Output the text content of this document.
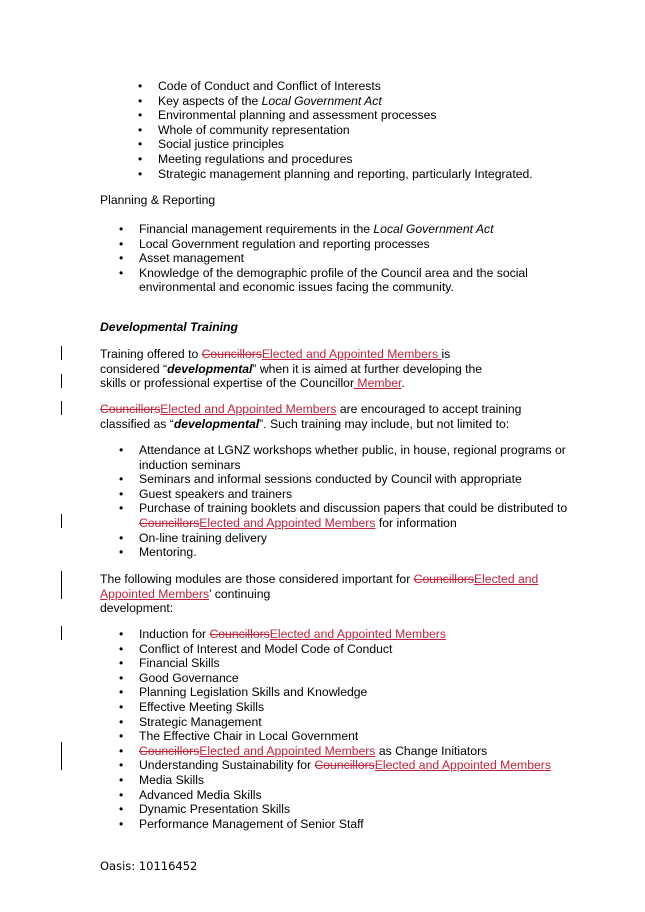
• Code of Conduct and Conflict of Interests
• Key aspects of the Local Government Act
• Environmental planning and assessment processes
• Whole of community representation
• Social justice principles
• Meeting regulations and procedures
• Strategic management planning and reporting, particularly Integrated.
Planning & Reporting
• Financial management requirements in the Local Government Act
• Local Government regulation and reporting processes
• Asset management
• Knowledge of the demographic profile of the Council area and the social environmental and economic issues facing the community.
Developmental Training
Training offered to CouncillorsElected and Appointed Members is considered “developmental” when it is aimed at further developing the skills or professional expertise of the Councillor Member.
CouncillorsElected and Appointed Members are encouraged to accept training classified as “developmental”. Such training may include, but not limited to:
• Attendance at LGNZ workshops whether public, in house, regional programs or induction seminars
• Seminars and informal sessions conducted by Council with appropriate
• Guest speakers and trainers
• Purchase of training booklets and discussion papers that could be distributed to CouncillorsElected and Appointed Members for information
• On-line training delivery
• Mentoring.
The following modules are those considered important for CouncillorsElected and Appointed Members’ continuing
development:
• Induction for CouncillorsElected and Appointed Members
• Conflict of Interest and Model Code of Conduct
• Financial Skills
• Good Governance
• Planning Legislation Skills and Knowledge
• Effective Meeting Skills
• Strategic Management
• The Effective Chair in Local Government
• CouncillorsElected and Appointed Members as Change Initiators
• Understanding Sustainability for CouncillorsElected and Appointed Members
• Media Skills
• Advanced Media Skills
• Dynamic Presentation Skills
• Performance Management of Senior Staff
Oasis: 10116452
